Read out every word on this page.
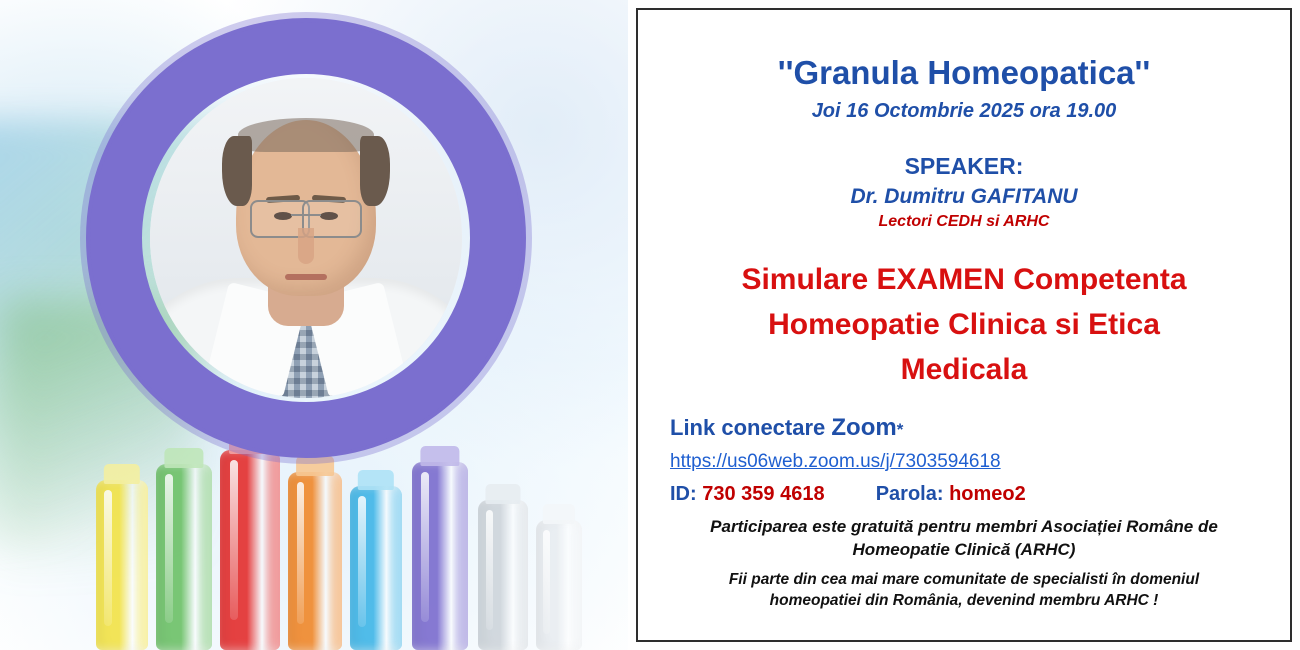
''Granula Homeopatica''
Joi 16 Octombrie 2025 ora 19.00
SPEAKER:
Dr. Dumitru GAFITANU
Lectori CEDH si ARHC
Simulare EXAMEN Competenta
Homeopatie Clinica si Etica
Medicala
Link conectare Zoom*
https://us06web.zoom.us/j/7303594618
ID: 730 359 4618	Parola: homeo2
Participarea este gratuită pentru membri Asociației Române de
Homeopatie Clinică (ARHC)
Fii parte din cea mai mare comunitate de specialisti în domeniul
homeopatiei din România, devenind membru ARHC !
